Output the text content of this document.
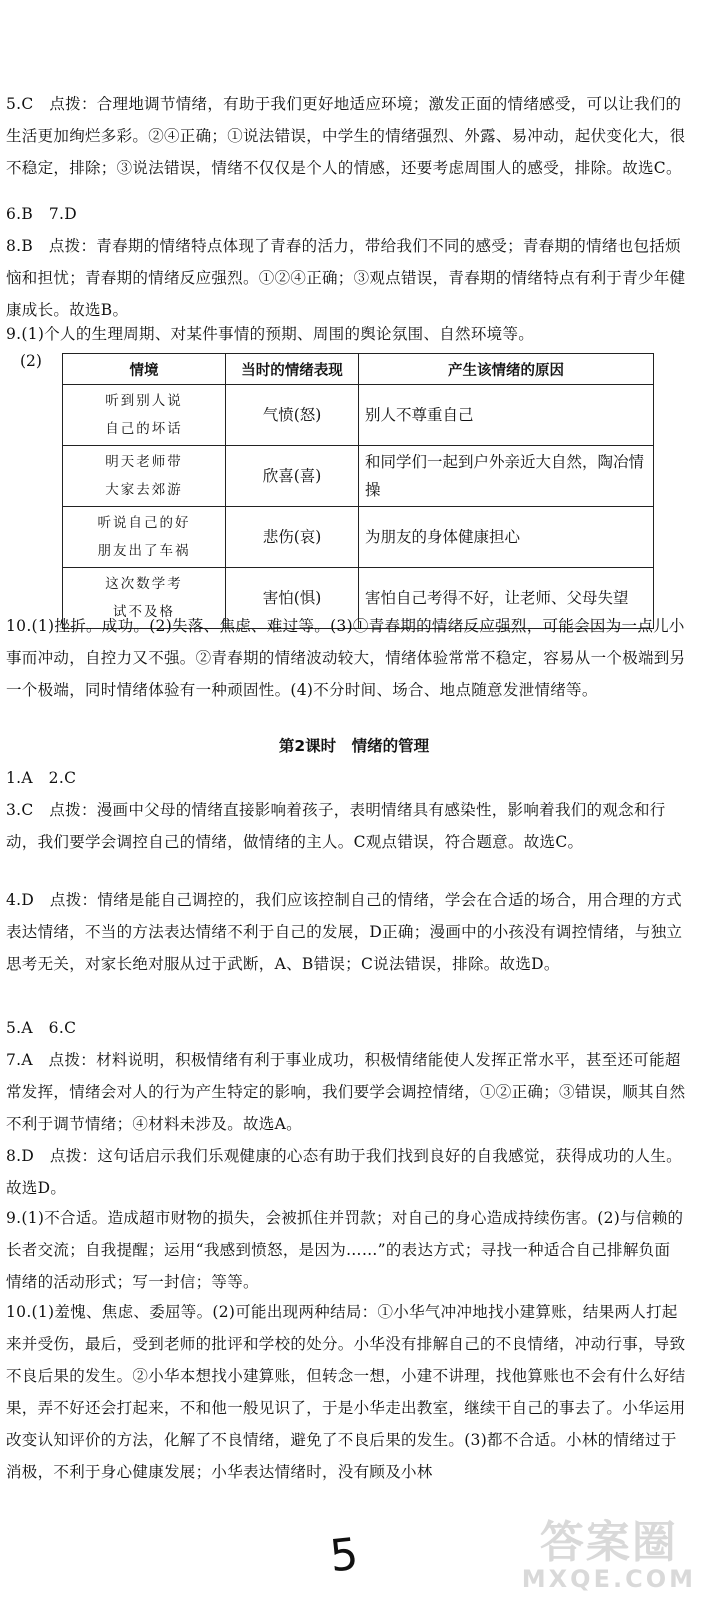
5.C　点拨：合理地调节情绪，有助于我们更好地适应环境；激发正面的情绪感受，可以让我们的生活更加绚烂多彩。②④正确；①说法错误，中学生的情绪强烈、外露、易冲动，起伏变化大，很不稳定，排除；③说法错误，情绪不仅仅是个人的情感，还要考虑周围人的感受，排除。故选C。
6.B　7.D
8.B　点拨：青春期的情绪特点体现了青春的活力，带给我们不同的感受；青春期的情绪也包括烦恼和担忧；青春期的情绪反应强烈。①②④正确；③观点错误，青春期的情绪特点有利于青少年健康成长。故选B。
9.(1)个人的生理周期、对某件事情的预期、周围的舆论氛围、自然环境等。
(2)
情境	当时的情绪表现	产生该情绪的原因
听到别人说
自己的坏话	气愤(怒)	别人不尊重自己
明天老师带
大家去郊游	欣喜(喜)	和同学们一起到户外亲近大自然，陶冶情操
听说自己的好
朋友出了车祸	悲伤(哀)	为朋友的身体健康担心
这次数学考
试不及格	害怕(惧)	害怕自己考得不好，让老师、父母失望
10.(1)挫折。成功。(2)失落、焦虑、难过等。(3)①青春期的情绪反应强烈，可能会因为一点儿小事而冲动，自控力又不强。②青春期的情绪波动较大，情绪体验常常不稳定，容易从一个极端到另一个极端，同时情绪体验有一种顽固性。(4)不分时间、场合、地点随意发泄情绪等。
第2课时　情绪的管理
1.A　2.C
3.C　点拨：漫画中父母的情绪直接影响着孩子，表明情绪具有感染性，影响着我们的观念和行动，我们要学会调控自己的情绪，做情绪的主人。C观点错误，符合题意。故选C。
4.D　点拨：情绪是能自己调控的，我们应该控制自己的情绪，学会在合适的场合，用合理的方式表达情绪，不当的方法表达情绪不利于自己的发展，D正确；漫画中的小孩没有调控情绪，与独立思考无关，对家长绝对服从过于武断，A、B错误；C说法错误，排除。故选D。
5.A　6.C
7.A　点拨：材料说明，积极情绪有利于事业成功，积极情绪能使人发挥正常水平，甚至还可能超常发挥，情绪会对人的行为产生特定的影响，我们要学会调控情绪，①②正确；③错误，顺其自然不利于调节情绪；④材料未涉及。故选A。
8.D　点拨：这句话启示我们乐观健康的心态有助于我们找到良好的自我感觉，获得成功的人生。故选D。
9.(1)不合适。造成超市财物的损失，会被抓住并罚款；对自己的身心造成持续伤害。(2)与信赖的长者交流；自我提醒；运用“我感到愤怒，是因为……”的表达方式；寻找一种适合自己排解负面情绪的活动形式；写一封信；等等。
10.(1)羞愧、焦虑、委屈等。(2)可能出现两种结局：①小华气冲冲地找小建算账，结果两人打起来并受伤，最后，受到老师的批评和学校的处分。小华没有排解自己的不良情绪，冲动行事，导致不良后果的发生。②小华本想找小建算账，但转念一想，小建不讲理，找他算账也不会有什么好结果，弄不好还会打起来，不和他一般见识了，于是小华走出教室，继续干自己的事去了。小华运用改变认知评价的方法，化解了不良情绪，避免了不良后果的发生。(3)都不合适。小林的情绪过于消极，不利于身心健康发展；小华表达情绪时，没有顾及小林
5	答案圈
MXQE.COM
